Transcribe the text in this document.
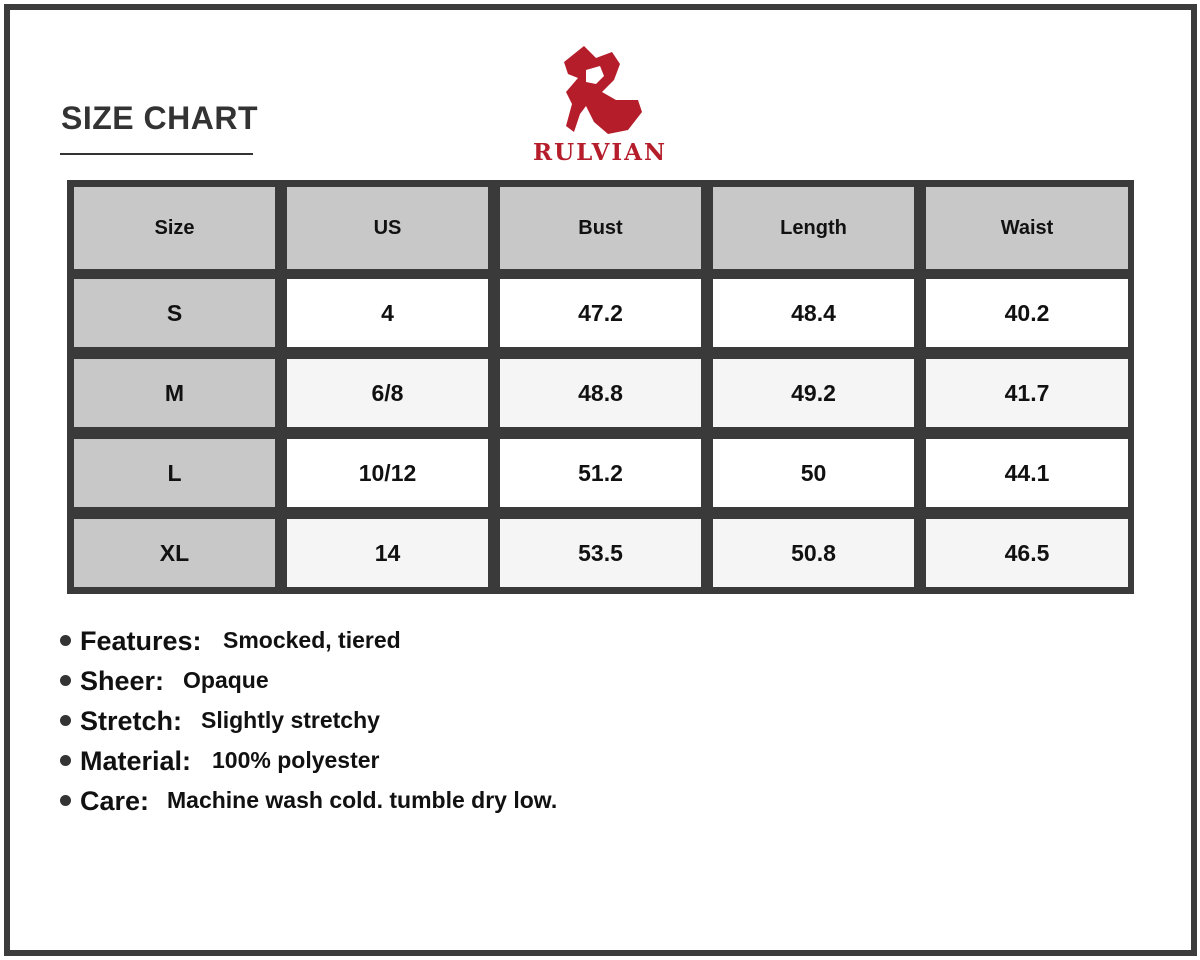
SIZE CHART
RULVIAN
Size	US	Bust	Length	Waist
S	4	47.2	48.4	40.2
M	6/8	48.8	49.2	41.7
L	10/12	51.2	50	44.1
XL	14	53.5	50.8	46.5
Features: Smocked, tiered
Sheer: Opaque
Stretch: Slightly stretchy
Material: 100% polyester
Care: Machine wash cold. tumble dry low.
